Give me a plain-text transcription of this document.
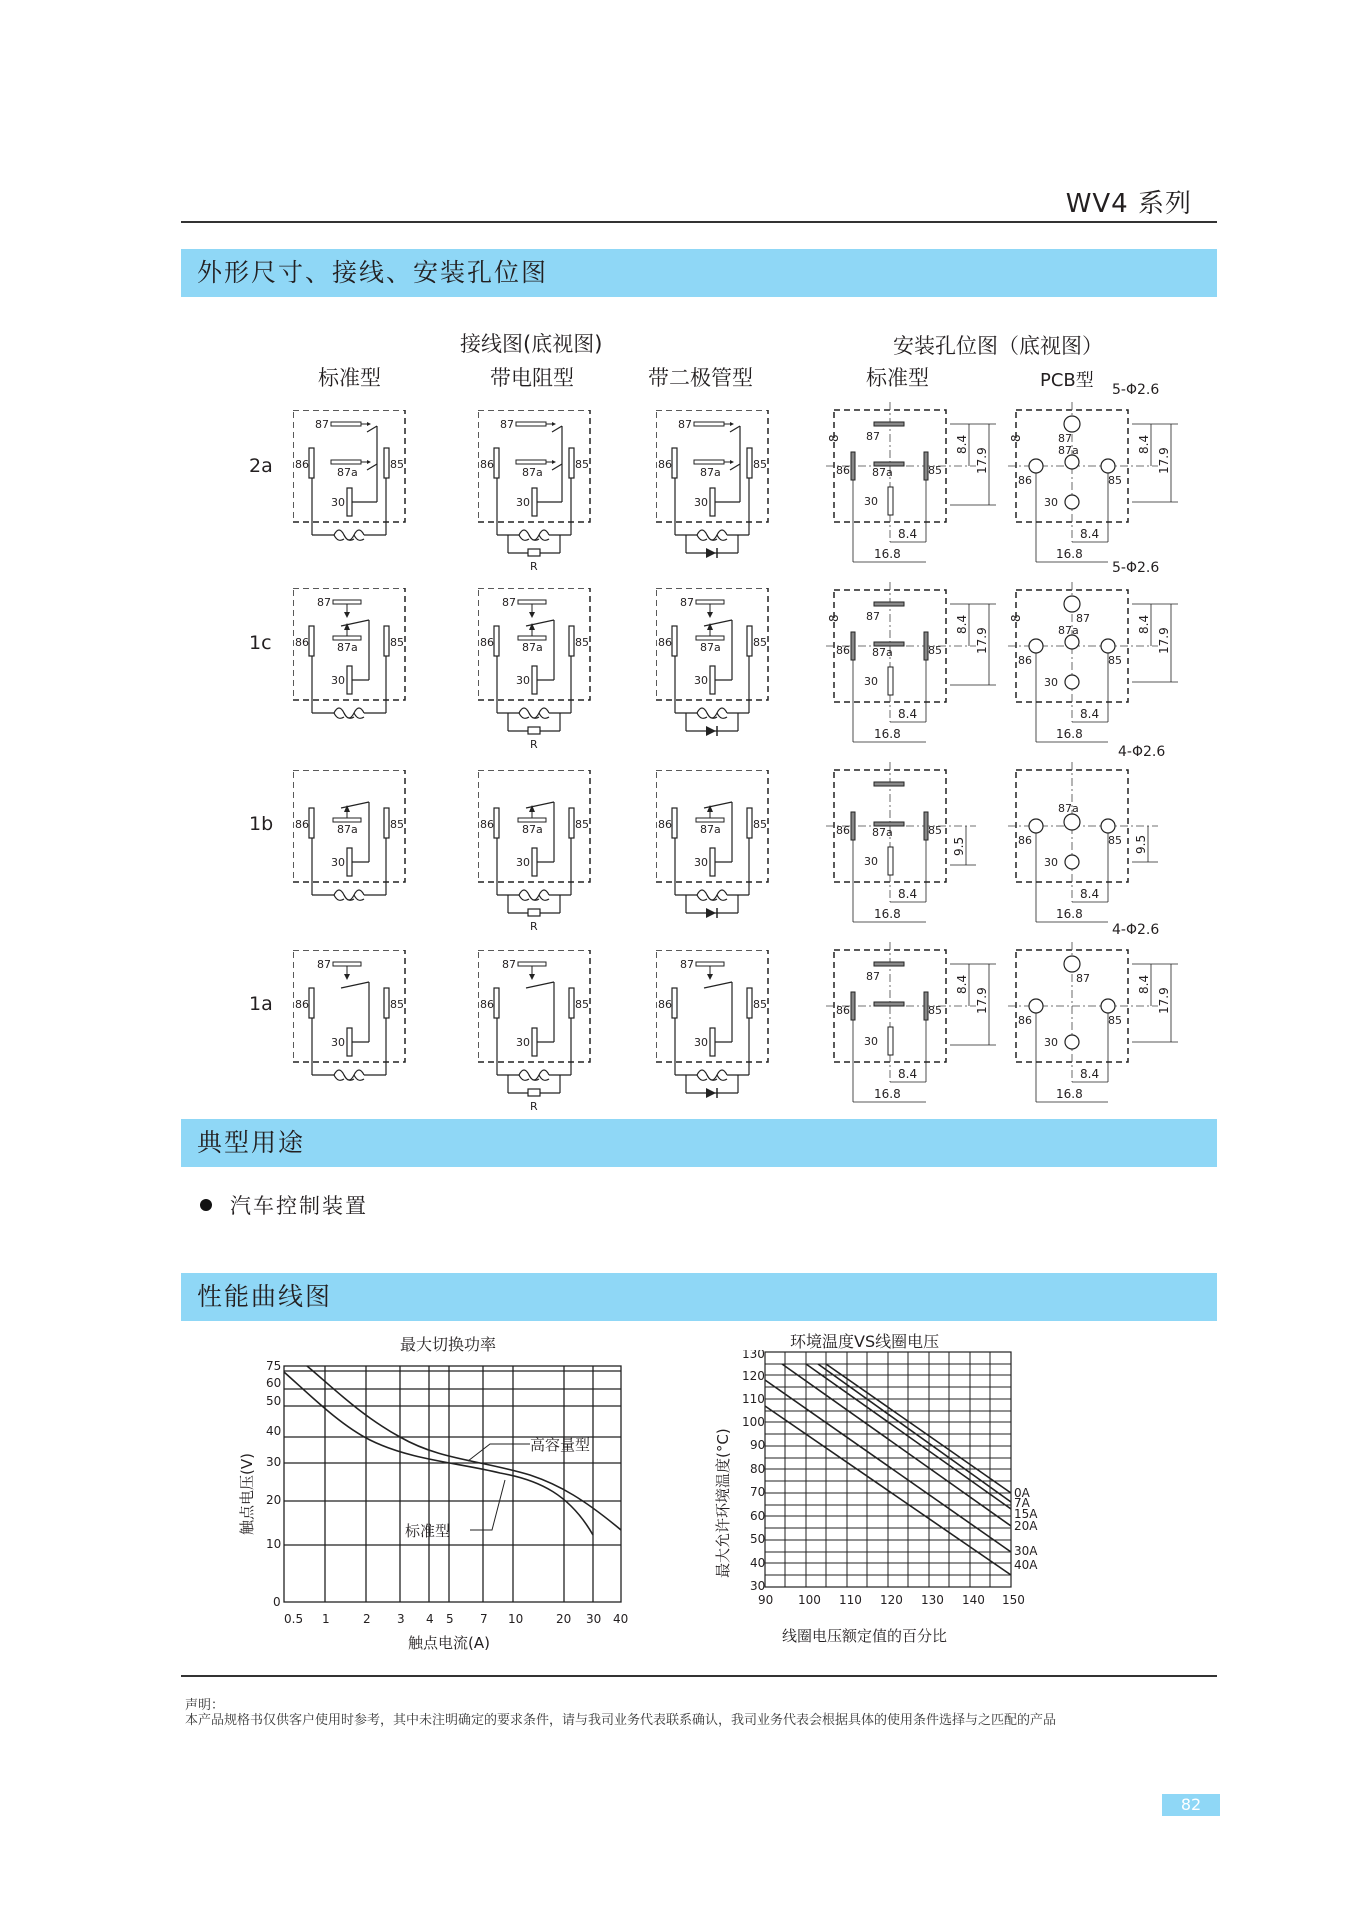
WV4 系列
外形尺寸、接线、安装孔位图
接线图(底视图)	安装孔位图（底视图）
标准型	带电阻型	带二极管型	标准型	PCB型
2a
1c
1b
1a
87
87a
8.4
17.9
8
8.4
16.8
87
87a	8.4
17.9
8
8.4
16.8
5-Φ2.6
87
87a
8.4
17.9
8
8.4
16.8
87
87a	8.4
17.9
8
8.4
16.8
5-Φ2.6
87a
9.5
8.4
16.8
87a
9.5
8.4
16.8
4-Φ2.6
87	8.4
17.9
8.4
16.8
87	8.4
17.9
8.4
16.8
4-Φ2.6
典型用途
汽车控制装置
性能曲线图
最大切换功率
高容量型
标准型
75
60
50
40
30
20
10
0
0.5 1	2 3 4 5 7 10	20 30 40
触点电压(V)
触点电流(A)
环境温度VS线圈电压
130
120
110
100
90
80
70
60
50
40
30
90 100 110 120 130 140 150
0A
7A
15A
20A
30A
40A
最大允许环境温度(°C)
线圈电压额定值的百分比
声明：
本产品规格书仅供客户使用时参考，其中未注明确定的要求条件，请与我司业务代表联系确认，我司业务代表会根据具体的使用条件选择与之匹配的产品
82
